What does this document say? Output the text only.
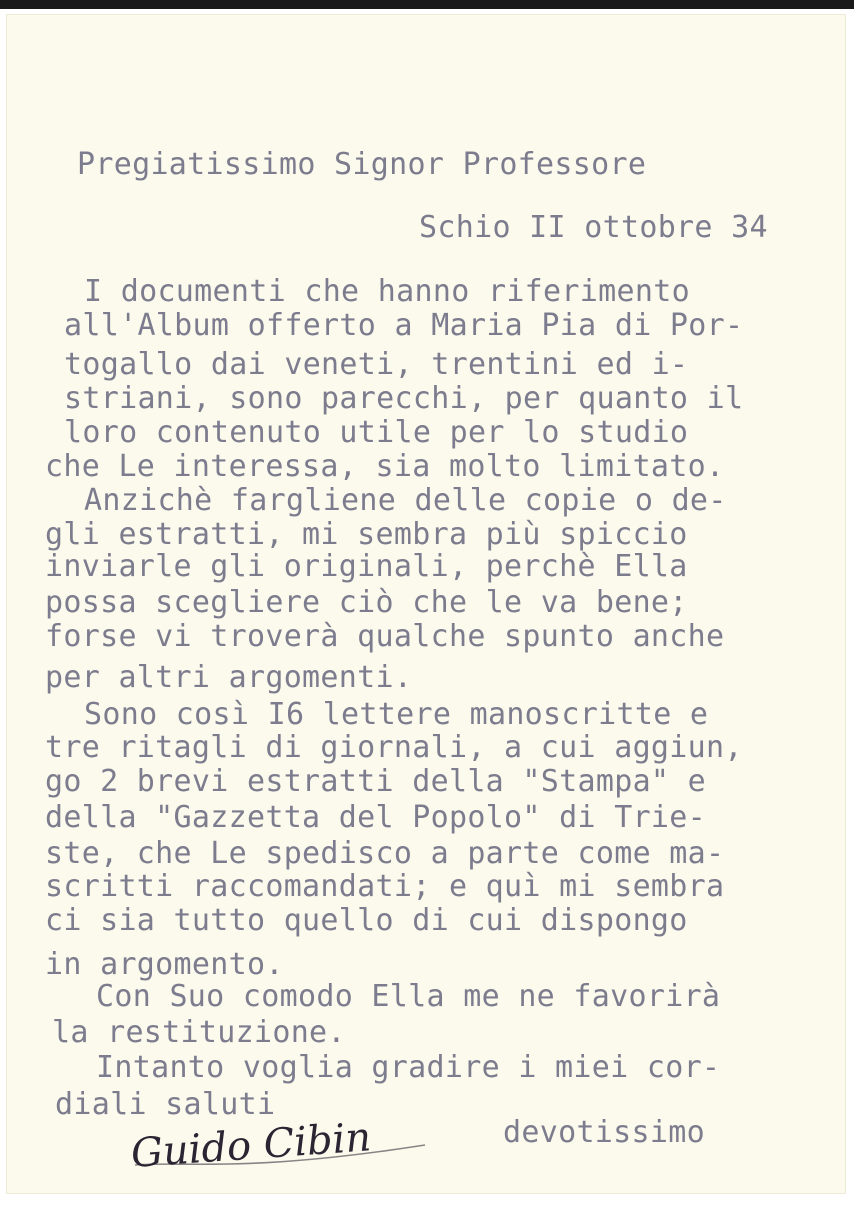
Pregiatissimo Signor Professore
Schio II ottobre 34
I documenti che hanno riferimento
all'Album offerto a Maria Pia di Por-
togallo dai veneti, trentini ed i-
striani, sono parecchi, per quanto il
loro contenuto utile per lo studio
che Le interessa, sia molto limitato.
Anzichè fargliene delle copie o de-
gli estratti, mi sembra più spiccio
inviarle gli originali, perchè Ella
possa scegliere ciò che le va bene;
forse vi troverà qualche spunto anche
per altri argomenti.
Sono così I6 lettere manoscritte e
tre ritagli di giornali, a cui aggiun,
go 2 brevi estratti della "Stampa" e
della "Gazzetta del Popolo" di Trie-
ste, che Le spedisco a parte come ma-
scritti raccomandati; e quì mi sembra
ci sia tutto quello di cui dispongo
in argomento.
Con Suo comodo Ella me ne favorirà
la restituzione.
Intanto voglia gradire i miei cor-
diali saluti
devotissimo
Guido Cibin
